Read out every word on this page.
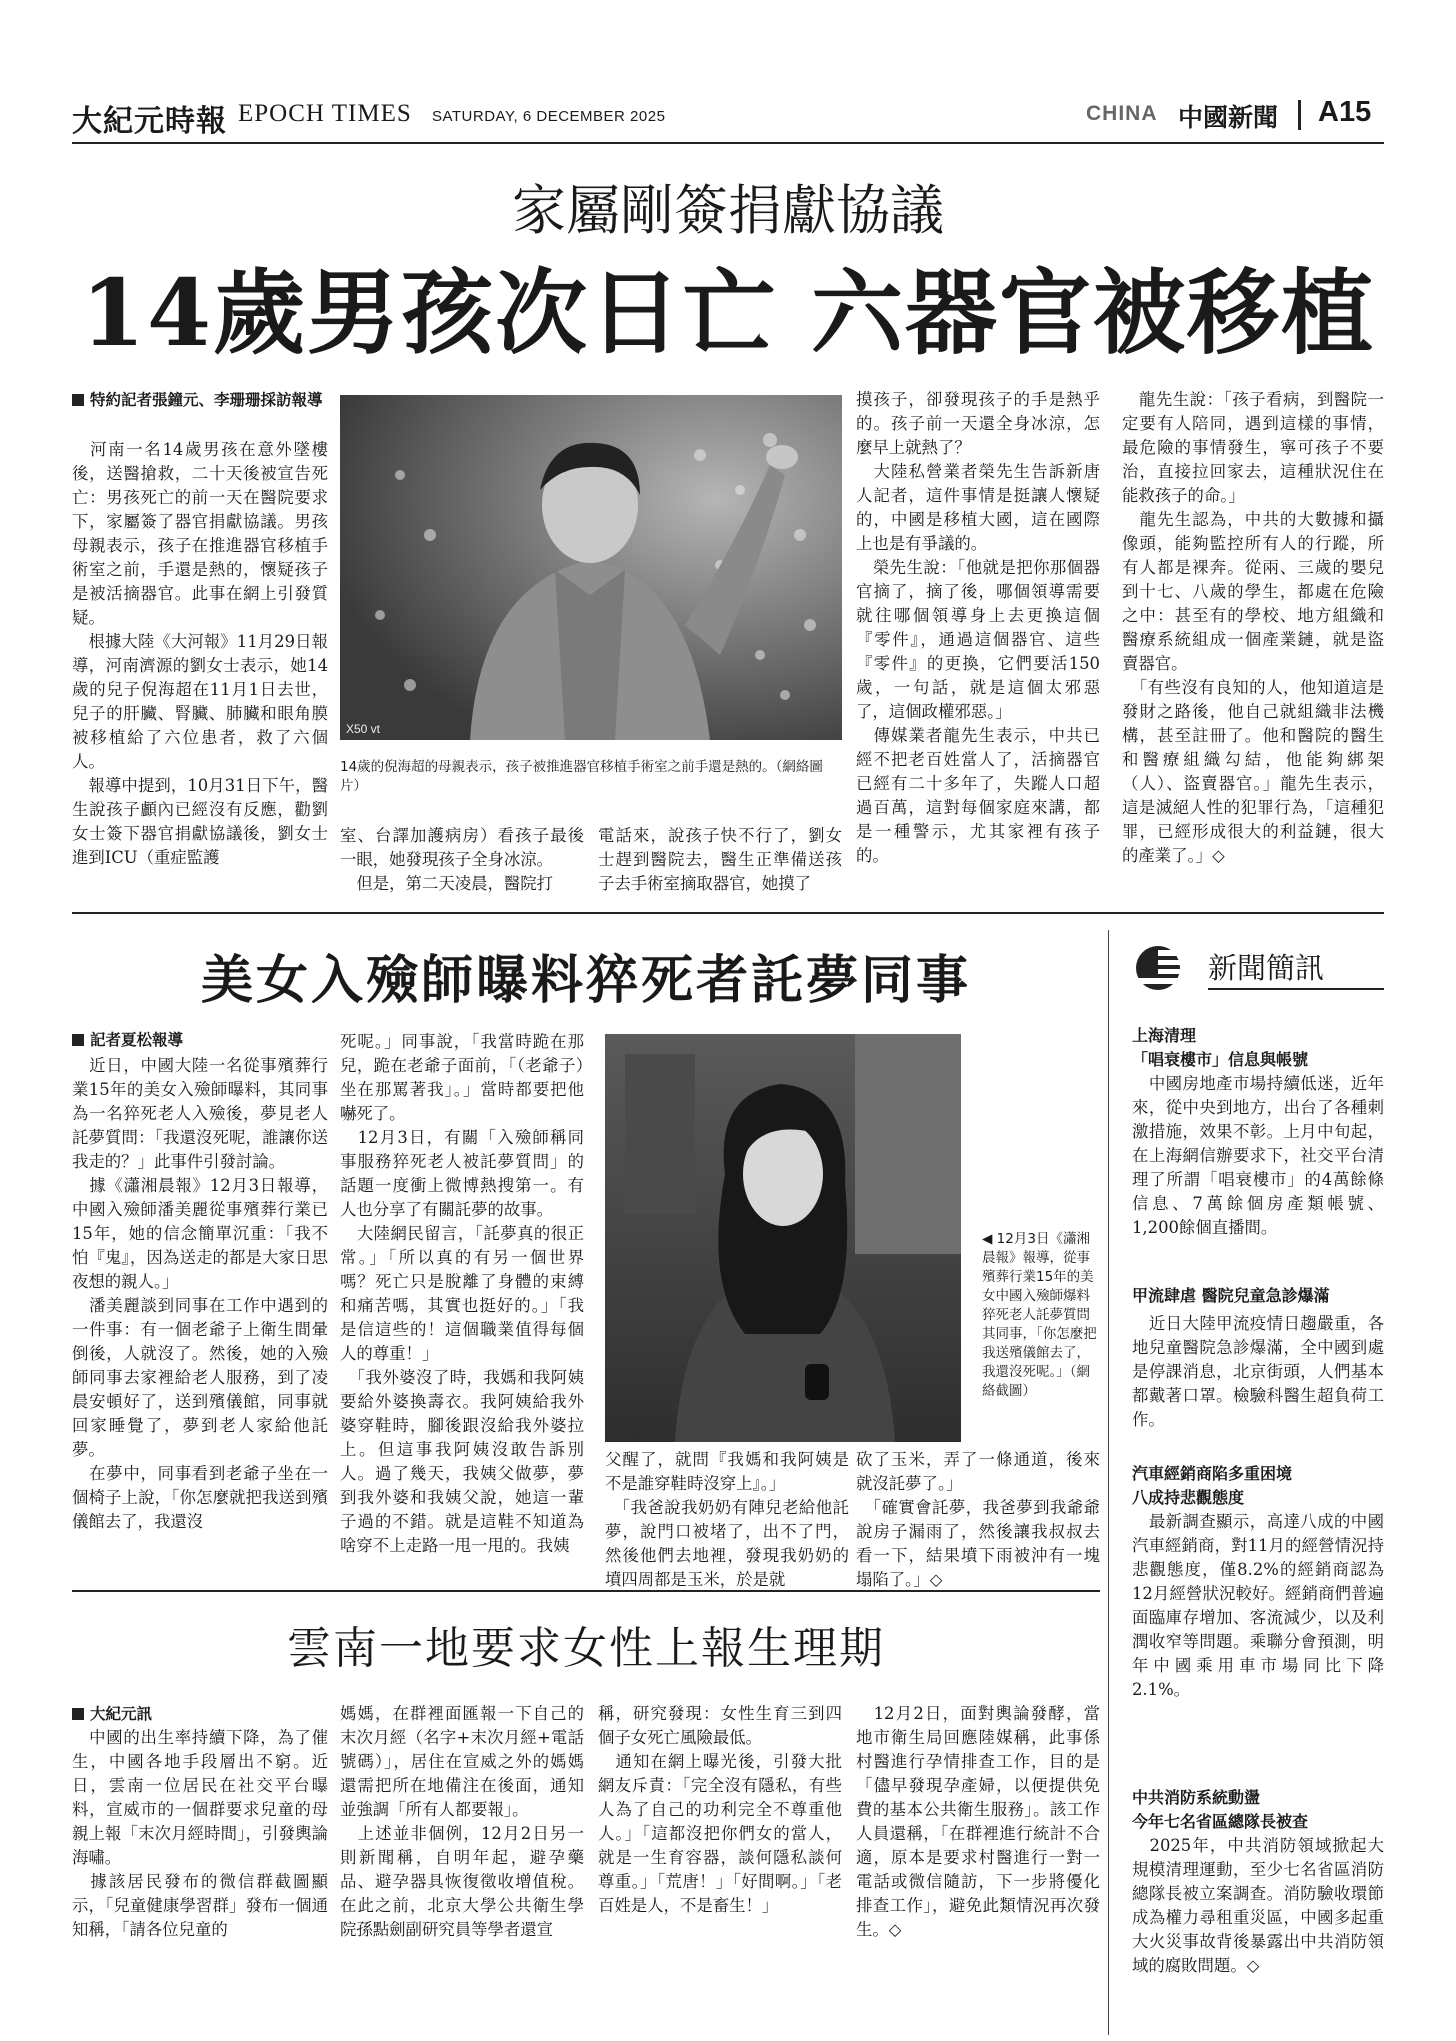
大紀元時報 EPOCH TIMES SATURDAY, 6 DECEMBER 2025	CHINA 中國新聞 A15
家屬剛簽捐獻協議
14歲男孩次日亡 六器官被移植
特約記者張鐘元、李珊珊採訪報導

　河南一名14歲男孩在意外墜樓後，送醫搶救，二十天後被宣告死亡：男孩死亡的前一天在醫院要求下，家屬簽了器官捐獻協議。男孩母親表示，孩子在推進器官移植手術室之前，手還是熱的，懷疑孩子是被活摘器官。此事在網上引發質疑。
　根據大陸《大河報》11月29日報導，河南濟源的劉女士表示，她14歲的兒子倪海超在11月1日去世，兒子的肝臟、腎臟、肺臟和眼角膜被移植給了六位患者，救了六個人。
　報導中提到，10月31日下午，醫生說孩子顱內已經沒有反應，勸劉女士簽下器官捐獻協議後，劉女士進到ICU（重症監護

X50 vt
14歲的倪海超的母親表示，孩子被推進器官移植手術室之前手還是熱的。（網絡圖片）

室、台譯加護病房）看孩子最後一眼，她發現孩子全身冰涼。
　但是，第二天凌晨，醫院打

電話來，說孩子快不行了，劉女士趕到醫院去，醫生正準備送孩子去手術室摘取器官，她摸了

摸孩子，卻發現孩子的手是熱乎的。孩子前一天還全身冰涼，怎麼早上就熱了？
　大陸私營業者榮先生告訴新唐人記者，這件事情是挺讓人懷疑的，中國是移植大國，這在國際上也是有爭議的。
　榮先生說：「他就是把你那個器官摘了，摘了後，哪個領導需要就往哪個領導身上去更換這個『零件』，通過這個器官、這些『零件』的更換，它們要活150歲，一句話，就是這個太邪惡了，這個政權邪惡。」
　傳媒業者龍先生表示，中共已經不把老百姓當人了，活摘器官已經有二十多年了，失蹤人口超過百萬，這對每個家庭來講，都是一種警示，尤其家裡有孩子的。

　龍先生說：「孩子看病，到醫院一定要有人陪同，遇到這樣的事情，最危險的事情發生，寧可孩子不要治，直接拉回家去，這種狀況住在能救孩子的命。」
　龍先生認為，中共的大數據和攝像頭，能夠監控所有人的行蹤，所有人都是裸奔。從兩、三歲的嬰兒到十七、八歲的學生，都處在危險之中：甚至有的學校、地方組織和醫療系統組成一個產業鏈，就是盜賣器官。
　「有些沒有良知的人，他知道這是發財之路後，他自己就組織非法機構，甚至註冊了。他和醫院的醫生和醫療組織勾結，他能夠綁架（人）、盜賣器官。」龍先生表示，這是滅絕人性的犯罪行為，「這種犯罪，已經形成很大的利益鏈，很大的產業了。」◇

美女入殮師曝料猝死者託夢同事
記者夏松報導

　近日，中國大陸一名從事殯葬行業15年的美女入殮師曝料，其同事為一名猝死老人入殮後，夢見老人託夢質問：「我還沒死呢，誰讓你送我走的？」此事件引發討論。
　據《瀟湘晨報》12月3日報導，中國入殮師潘美麗從事殯葬行業已15年，她的信念簡單沉重：「我不怕『鬼』，因為送走的都是大家日思夜想的親人。」
　潘美麗談到同事在工作中遇到的一件事：有一個老爺子上衛生間暈倒後，人就沒了。然後，她的入殮師同事去家裡給老人服務，到了凌晨安頓好了，送到殯儀館，同事就回家睡覺了，夢到老人家給他託夢。
　在夢中，同事看到老爺子坐在一個椅子上說，「你怎麼就把我送到殯儀館去了，我還沒

死呢。」同事說，「我當時跪在那兒，跪在老爺子面前，「（老爺子）坐在那罵著我」。」當時都要把他嚇死了。
　12月3日，有關「入殮師稱同事服務猝死老人被託夢質問」的話題一度衝上微博熱搜第一。有人也分享了有關託夢的故事。
　大陸網民留言，「託夢真的很正常。」「所以真的有另一個世界嗎？死亡只是脫離了身體的束縛和痛苦嗎，其實也挺好的。」「我是信這些的！這個職業值得每個人的尊重！」
　「我外婆沒了時，我媽和我阿姨要給外婆換壽衣。我阿姨給我外婆穿鞋時，腳後跟沒給我外婆拉上。但這事我阿姨沒敢告訴別人。過了幾天，我姨父做夢，夢到我外婆和我姨父說，她這一輩子過的不錯。就是這鞋不知道為啥穿不上走路一甩一甩的。我姨

◀ 12月3日《瀟湘晨報》報導，從事殯葬行業15年的美女中國入殮師爆料猝死老人託夢質問其同事，「你怎麼把我送殯儀館去了，我還沒死呢。」（網絡截圖）

父醒了，就問『我媽和我阿姨是不是誰穿鞋時沒穿上』。」
　「我爸說我奶奶有陣兒老給他託夢，說門口被堵了，出不了門，然後他們去地裡，發現我奶奶的墳四周都是玉米，於是就

砍了玉米，弄了一條通道，後來就沒託夢了。」
　「確實會託夢，我爸夢到我爺爺說房子漏雨了，然後讓我叔叔去看一下，結果墳下雨被沖有一塊塌陷了。」◇

雲南一地要求女性上報生理期
大紀元訊

　中國的出生率持續下降，為了催生，中國各地手段層出不窮。近日，雲南一位居民在社交平台曝料，宣威市的一個群要求兒童的母親上報「末次月經時間」，引發輿論海嘯。
　據該居民發布的微信群截圖顯示，「兒童健康學習群」發布一個通知稱，「請各位兒童的

媽媽，在群裡面匯報一下自己的末次月經（名字+末次月經+電話號碼）」，居住在宣威之外的媽媽還需把所在地備注在後面，通知並強調「所有人都要報」。
　上述並非個例，12月2日另一則新聞稱，自明年起，避孕藥品、避孕器具恢復徵收增值稅。在此之前，北京大學公共衛生學院孫點劍副研究員等學者還宣

稱，研究發現：女性生育三到四個子女死亡風險最低。
　通知在網上曝光後，引發大批網友斥責：「完全沒有隱私，有些人為了自己的功利完全不尊重他人。」「這都沒把你們女的當人，就是一生育容器，談何隱私談何尊重。」「荒唐！」「好間啊。」「老百姓是人，不是畜生！」

　12月2日，面對輿論發酵，當地市衛生局回應陸媒稱，此事係村醫進行孕情排查工作，目的是「儘早發現孕產婦，以便提供免費的基本公共衛生服務」。該工作人員還稱，「在群裡進行統計不合適，原本是要求村醫進行一對一電話或微信隨訪，下一步將優化排查工作」，避免此類情況再次發生。◇

新聞簡訊
上海清理
「唱衰樓市」信息與帳號

　中國房地產市場持續低迷，近年來，從中央到地方，出台了各種刺激措施，效果不彰。上月中旬起，在上海網信辦要求下，社交平台清理了所謂「唱衰樓市」的4萬餘條信息、7萬餘個房產類帳號、1,200餘個直播間。

甲流肆虐 醫院兒童急診爆滿

　近日大陸甲流疫情日趨嚴重，各地兒童醫院急診爆滿，全中國到處是停課消息，北京街頭，人們基本都戴著口罩。檢驗科醫生超負荷工作。

汽車經銷商陷多重困境
八成持悲觀態度

　最新調查顯示，高達八成的中國汽車經銷商，對11月的經營情況持悲觀態度，僅8.2%的經銷商認為12月經營狀況較好。經銷商們普遍面臨庫存增加、客流減少，以及利潤收窄等問題。乘聯分會預測，明年中國乘用車市場同比下降2.1%。

中共消防系統動盪
今年七名省區總隊長被查

　2025年，中共消防領域掀起大規模清理運動，至少七名省區消防總隊長被立案調查。消防驗收環節成為權力尋租重災區，中國多起重大火災事故背後暴露出中共消防領域的腐敗問題。◇
